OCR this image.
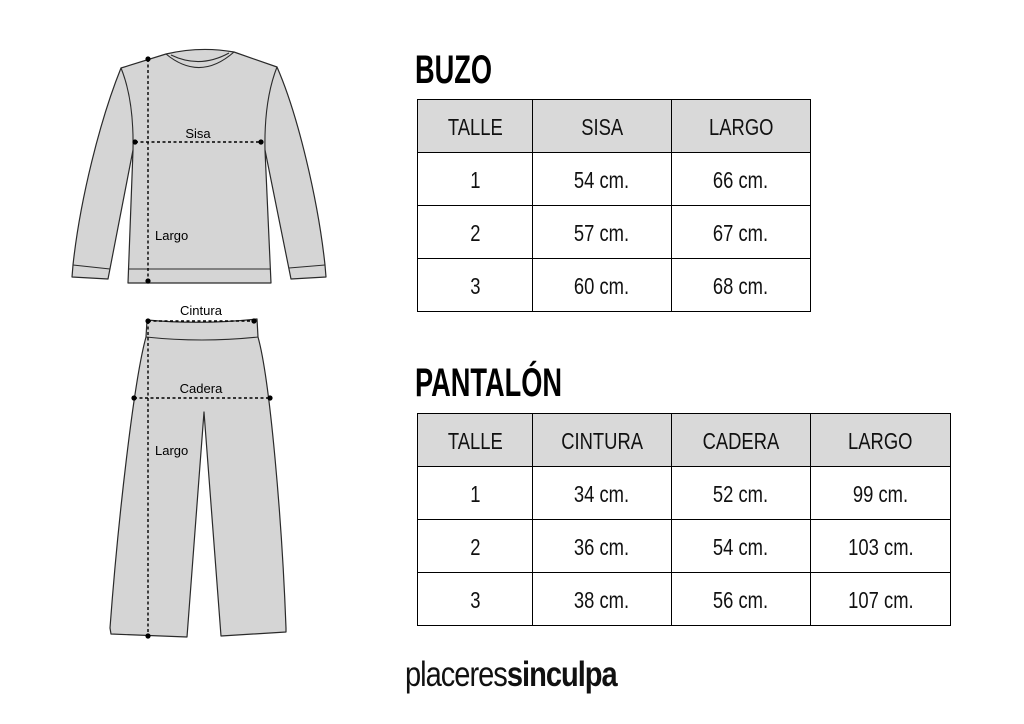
Sisa
Largo
Cintura
Cadera
Largo
BUZO
TALLE	SISA	LARGO
1	54 cm.	66 cm.
2	57 cm.	67 cm.
3	60 cm.	68 cm.
PANTALÓN
TALLE	CINTURA	CADERA	LARGO
1	34 cm.	52 cm.	99 cm.
2	36 cm.	54 cm.	103 cm.
3	38 cm.	56 cm.	107 cm.
placeressinculpa
